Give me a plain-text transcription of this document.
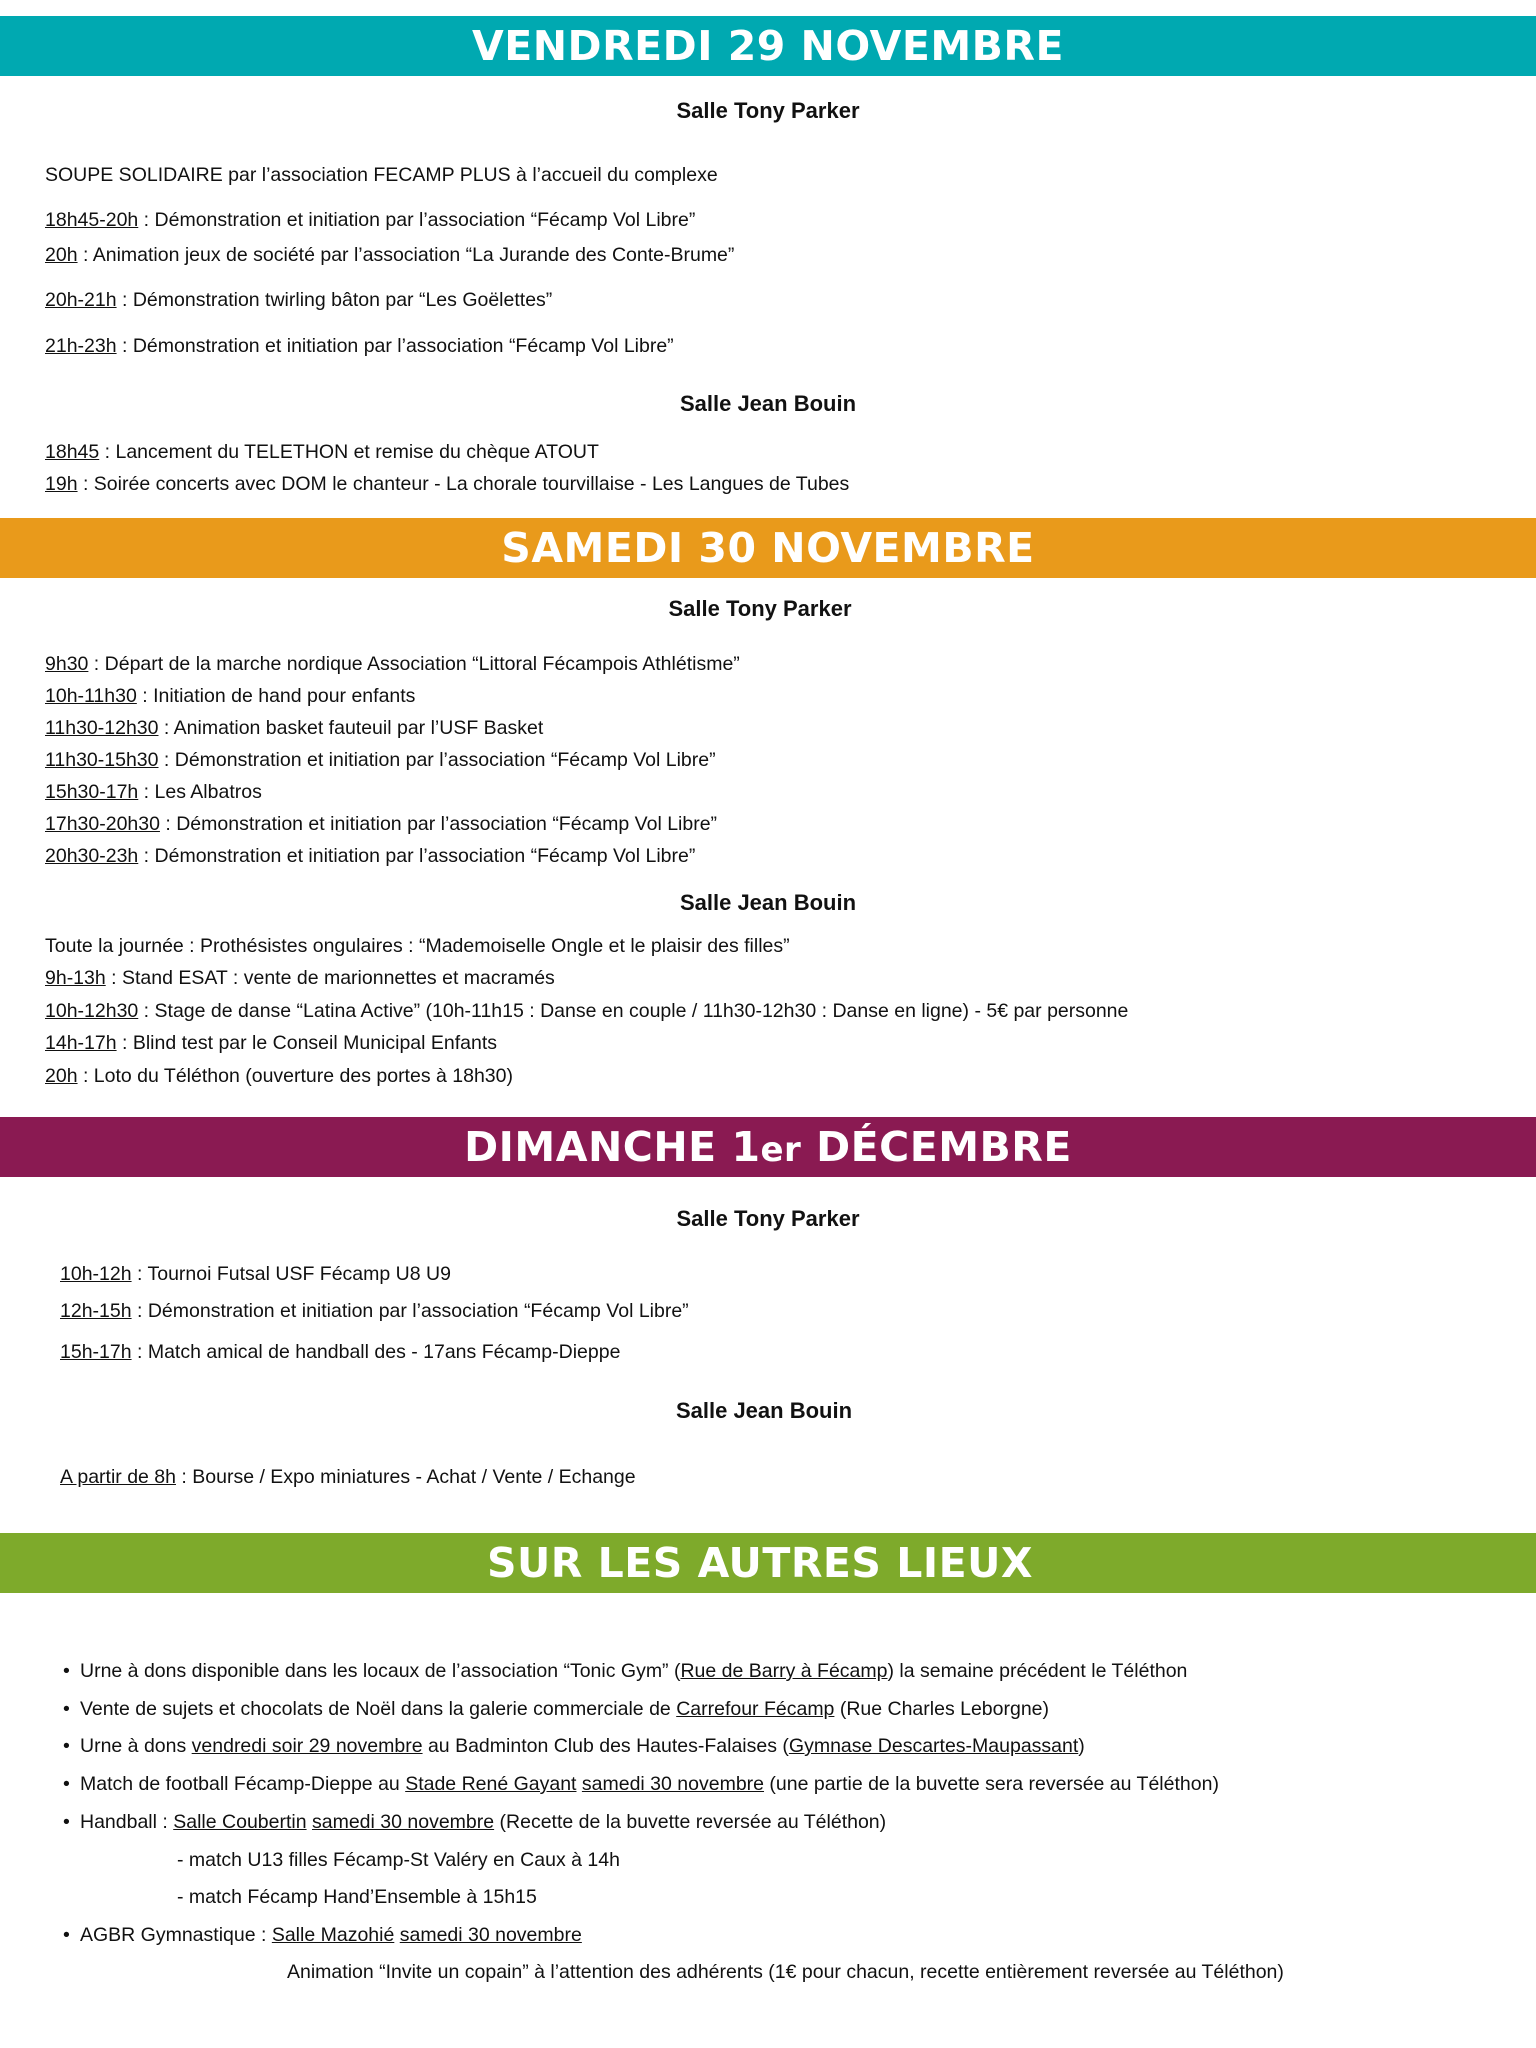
VENDREDI 29 NOVEMBRE
Salle Tony Parker
SOUPE SOLIDAIRE par l’association FECAMP PLUS à l’accueil du complexe
18h45-20h : Démonstration et initiation par l’association “Fécamp Vol Libre”
20h : Animation jeux de société par l’association “La Jurande des Conte-Brume”
20h-21h : Démonstration twirling bâton par “Les Goëlettes”
21h-23h : Démonstration et initiation par l’association “Fécamp Vol Libre”
Salle Jean Bouin
18h45 : Lancement du TELETHON et remise du chèque ATOUT
19h : Soirée concerts avec DOM le chanteur - La chorale tourvillaise - Les Langues de Tubes
SAMEDI 30 NOVEMBRE
Salle Tony Parker
9h30 : Départ de la marche nordique Association “Littoral Fécampois Athlétisme”
10h-11h30 : Initiation de hand pour enfants
11h30-12h30 : Animation basket fauteuil par l’USF Basket
11h30-15h30 : Démonstration et initiation par l’association “Fécamp Vol Libre”
15h30-17h : Les Albatros
17h30-20h30 : Démonstration et initiation par l’association “Fécamp Vol Libre”
20h30-23h : Démonstration et initiation par l’association “Fécamp Vol Libre”
Salle Jean Bouin
Toute la journée : Prothésistes ongulaires : “Mademoiselle Ongle et le plaisir des filles”
9h-13h : Stand ESAT : vente de marionnettes et macramés
10h-12h30 : Stage de danse “Latina Active” (10h-11h15 : Danse en couple / 11h30-12h30 : Danse en ligne) - 5€ par personne
14h-17h : Blind test par le Conseil Municipal Enfants
20h : Loto du Téléthon (ouverture des portes à 18h30)
DIMANCHE 1er DÉCEMBRE
Salle Tony Parker
10h-12h : Tournoi Futsal USF Fécamp U8 U9
12h-15h : Démonstration et initiation par l’association “Fécamp Vol Libre”
15h-17h : Match amical de handball des - 17ans Fécamp-Dieppe
Salle Jean Bouin
A partir de 8h : Bourse / Expo miniatures - Achat / Vente / Echange
SUR LES AUTRES LIEUX
• Urne à dons disponible dans les locaux de l’association “Tonic Gym” (Rue de Barry à Fécamp) la semaine précédent le Téléthon
• Vente de sujets et chocolats de Noël dans la galerie commerciale de Carrefour Fécamp (Rue Charles Leborgne)
• Urne à dons vendredi soir 29 novembre au Badminton Club des Hautes-Falaises (Gymnase Descartes-Maupassant)
• Match de football Fécamp-Dieppe au Stade René Gayant samedi 30 novembre (une partie de la buvette sera reversée au Téléthon)
• Handball : Salle Coubertin samedi 30 novembre (Recette de la buvette reversée au Téléthon)
- match U13 filles Fécamp-St Valéry en Caux à 14h
- match Fécamp Hand’Ensemble à 15h15
• AGBR Gymnastique : Salle Mazohié samedi 30 novembre
Animation “Invite un copain” à l’attention des adhérents (1€ pour chacun, recette entièrement reversée au Téléthon)
